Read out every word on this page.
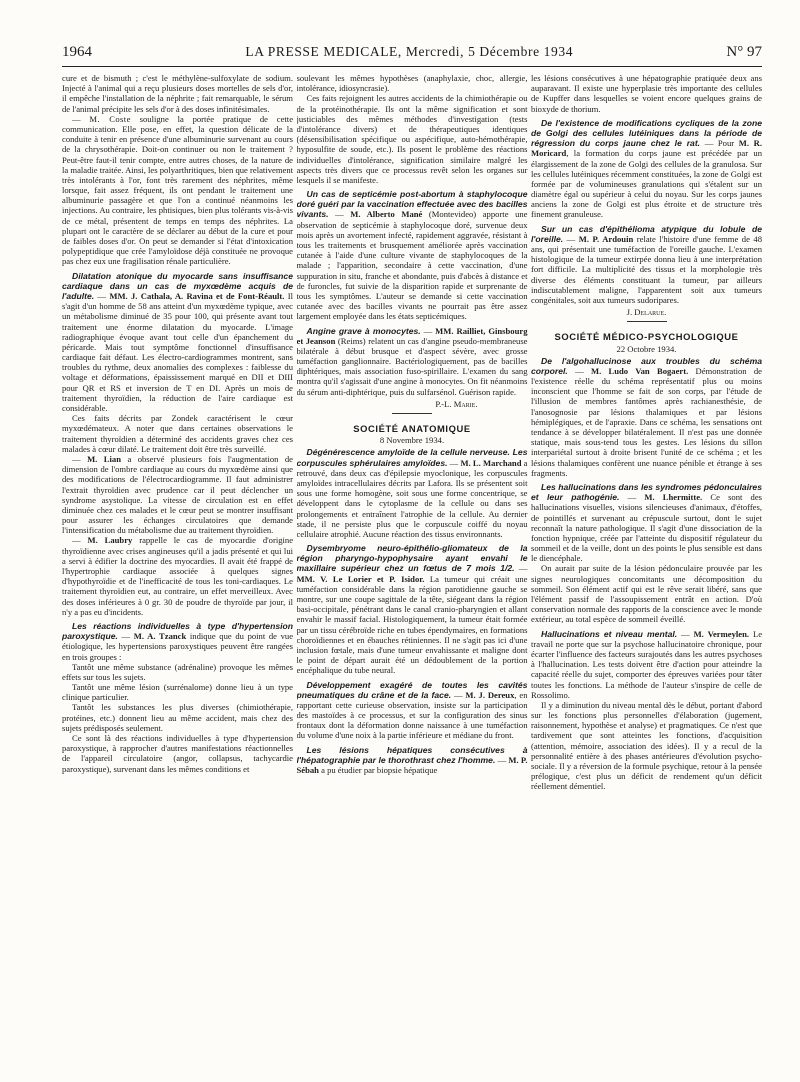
1964	LA PRESSE MEDICALE, Mercredi, 5 Décembre 1934	N° 97

cure et de bismuth ; c'est le méthylène-sulfoxylate de sodium. Injecté à l'animal qui a reçu plusieurs doses mortelles de sels d'or, il empêche l'installation de la néphrite ; fait remarquable, le sérum de l'animal précipite les sels d'or à des doses infinitésimales.

— M. Coste souligne la portée pratique de cette communication. Elle pose, en effet, la question délicate de la conduite à tenir en présence d'une albuminurie survenant au cours de la chrysothérapie. Doit-on continuer ou non le traitement ? Peut-être faut-il tenir compte, entre autres choses, de la nature de la maladie traitée. Ainsi, les polyarthritiques, bien que relativement très intolérants à l'or, font très rarement des néphrites, même lorsque, fait assez fréquent, ils ont pendant le traitement une albuminurie passagère et que l'on a continué néanmoins les injections. Au contraire, les phtisiques, bien plus tolérants vis-à-vis de ce métal, présentent de temps en temps des néphrites. La plupart ont le caractère de se déclarer au début de la cure et pour de faibles doses d'or. On peut se demander si l'état d'intoxication polypeptidique que crée l'amyloïdose déjà constituée ne provoque pas chez eux une fragilisation rénale particulière.

Dilatation atonique du myocarde sans insuffisance cardiaque dans un cas de myxœdème acquis de l'adulte. — MM. J. Cathala, A. Ravina et de Font-Réault. Il s'agit d'un homme de 58 ans atteint d'un myxœdème typique, avec un métabolisme diminué de 35 pour 100, qui présente avant tout traitement une énorme dilatation du myocarde. L'image radiographique évoque avant tout celle d'un épanchement du péricarde. Mais tout symptôme fonctionnel d'insuffisance cardiaque fait défaut. Les électro-cardiogrammes montrent, sans troubles du rythme, deux anomalies des complexes : faiblesse du voltage et déformations, épaississement marqué en DII et DIII pour QR et RS et inversion de T en DI. Après un mois de traitement thyroïdien, la réduction de l'aire cardiaque est considérable.

Ces faits décrits par Zondek caractérisent le cœur myxœdémateux. A noter que dans certaines observations le traitement thyroïdien a déterminé des accidents graves chez ces malades à cœur dilaté. Le traitement doit être très surveillé.

— M. Lian a observé plusieurs fois l'augmentation de dimension de l'ombre cardiaque au cours du myxœdème ainsi que des modifications de l'électrocardiogramme. Il faut administrer l'extrait thyroïdien avec prudence car il peut déclencher un syndrome asystolique. La vitesse de circulation est en effet diminuée chez ces malades et le cœur peut se montrer insuffisant pour assurer les échanges circulatoires que demande l'intensification du métabolisme due au traitement thyroïdien.

— M. Laubry rappelle le cas de myocardie d'origine thyroïdienne avec crises angineuses qu'il a jadis présenté et qui lui a servi à édifier la doctrine des myocardies. Il avait été frappé de l'hypertrophie cardiaque associée à quelques signes d'hypothyroïdie et de l'inefficacité de tous les toni-cardiaques. Le traitement thyroïdien eut, au contraire, un effet merveilleux. Avec des doses inférieures à 0 gr. 30 de poudre de thyroïde par jour, il n'y a pas eu d'incidents.

Les réactions individuelles à type d'hypertension paroxystique. — M. A. Tzanck indique que du point de vue étiologique, les hypertensions paroxystiques peuvent être rangées en trois groupes :

Tantôt une même substance (adrénaline) provoque les mêmes effets sur tous les sujets.

Tantôt une même lésion (surrénalome) donne lieu à un type clinique particulier.

Tantôt les substances les plus diverses (chimiothérapie, protéines, etc.) donnent lieu au même accident, mais chez des sujets prédisposés seulement.

Ce sont là des réactions individuelles à type d'hypertension paroxystique, à rapprocher d'autres manifestations réactionnelles de l'appareil circulatoire (angor, collapsus, tachycardie paroxystique), survenant dans les mêmes conditions et

soulevant les mêmes hypothèses (anaphylaxie, choc, allergie, intolérance, idiosyncrasie).

Ces faits rejoignent les autres accidents de la chimiothérapie ou de la protéinothérapie. Ils ont la même signification et sont justiciables des mêmes méthodes d'investigation (tests d'intolérance divers) et de thérapeutiques identiques (désensibilisation spécifique ou aspécifique, auto-hémothérapie, hyposulfite de soude, etc.). Ils posent le problème des réactions individuelles d'intolérance, signification similaire malgré les aspects très divers que ce processus revêt selon les organes sur lesquels il se manifeste.

Un cas de septicémie post-abortum à staphylocoque doré guéri par la vaccination effectuée avec des bacilles vivants. — M. Alberto Mané (Montevideo) apporte une observation de septicémie à staphylocoque doré, survenue deux mois après un avortement infecté, rapidement aggravée, résistant à tous les traitements et brusquement améliorée après vaccination cutanée à l'aide d'une culture vivante de staphylocoques de la malade ; l'apparition, secondaire à cette vaccination, d'une suppuration in situ, franche et abondante, puis d'abcès à distance et de furoncles, fut suivie de la disparition rapide et surprenante de tous les symptômes. L'auteur se demande si cette vaccination cutanée avec des bacilles vivants ne pourrait pas être assez largement employée dans les états septicémiques.

Angine grave à monocytes. — MM. Railliet, Ginsbourg et Jeanson (Reims) relatent un cas d'angine pseudo-membraneuse bilatérale à début brusque et d'aspect sévère, avec grosse tuméfaction ganglionnaire. Bactériologiquement, pas de bacilles diphtériques, mais association fuso-spirillaire. L'examen du sang montra qu'il s'agissait d'une angine à monocytes. On fit néanmoins du sérum anti-diphtérique, puis du sulfarsénol. Guérison rapide.

P.-L. Marie.
SOCIÉTÉ ANATOMIQUE
8 Novembre 1934.

Dégénérescence amyloïde de la cellule nerveuse. Les corpuscules sphérulaires amyloïdes. — M. L. Marchand a retrouvé, dans deux cas d'épilepsie myoclonique, les corpuscules amyloïdes intracellulaires décrits par Lafora. Ils se présentent soit sous une forme homogène, soit sous une forme concentrique, se développent dans le cytoplasme de la cellule ou dans ses prolongements et entraînent l'atrophie de la cellule. Au dernier stade, il ne persiste plus que le corpuscule coiffé du noyau cellulaire atrophié. Aucune réaction des tissus environnants.

Dysembryome neuro-épithélio-gliomateux de la région pharyngo-hypophysaire ayant envahi le maxillaire supérieur chez un fœtus de 7 mois 1/2. — MM. V. Le Lorier et P. Isidor. La tumeur qui créait une tuméfaction considérable dans la région parotidienne gauche se montre, sur une coupe sagittale de la tête, siégeant dans la région basi-occipitale, pénétrant dans le canal cranio-pharyngien et allant envahir le massif facial. Histologiquement, la tumeur était formée par un tissu cérébroïde riche en tubes épendymaires, en formations choroïdiennes et en ébauches rétiniennes. Il ne s'agit pas ici d'une inclusion fœtale, mais d'une tumeur envahissante et maligne dont le point de départ aurait été un dédoublement de la portion encéphalique du tube neural.

Développement exagéré de toutes les cavités pneumatiques du crâne et de la face. — M. J. Dereux, en rapportant cette curieuse observation, insiste sur la participation des mastoïdes à ce processus, et sur la configuration des sinus frontaux dont la déformation donne naissance à une tuméfaction du volume d'une noix à la partie inférieure et médiane du front.

Les lésions hépatiques consécutives à l'hépatographie par le thorothrast chez l'homme. — M. P. Sébah a pu étudier par biopsie hépatique

les lésions consécutives à une hépatographie pratiquée deux ans auparavant. Il existe une hyperplasie très importante des cellules de Kupffer dans lesquelles se voient encore quelques grains de bioxyde de thorium.

De l'existence de modifications cycliques de la zone de Golgi des cellules lutéiniques dans la période de régression du corps jaune chez le rat. — Pour M. R. Moricard, la formation du corps jaune est précédée par un élargissement de la zone de Golgi des cellules de la granulosa. Sur les cellules lutéiniques récemment constituées, la zone de Golgi est formée par de volumineuses granulations qui s'étalent sur un diamètre égal ou supérieur à celui du noyau. Sur les corps jaunes anciens la zone de Golgi est plus étroite et de structure très finement granuleuse.

Sur un cas d'épithélioma atypique du lobule de l'oreille. — M. P. Ardouin relate l'histoire d'une femme de 48 ans, qui présentait une tuméfaction de l'oreille gauche. L'examen histologique de la tumeur extirpée donna lieu à une interprétation fort difficile. La multiplicité des tissus et la morphologie très diverse des éléments constituant la tumeur, par ailleurs indiscutablement maligne, l'apparentent soit aux tumeurs congénitales, soit aux tumeurs sudoripares.

J. Delarue.
SOCIÉTÉ MÉDICO-PSYCHOLOGIQUE
22 Octobre 1934.

De l'algohallucinose aux troubles du schéma corporel. — M. Ludo Van Bogaert. Démonstration de l'existence réelle du schéma représentatif plus ou moins inconscient que l'homme se fait de son corps, par l'étude de l'illusion de membres fantômes après rachianesthésie, de l'anosognosie par lésions thalamiques et par lésions hémiplégiques, et de l'apraxie. Dans ce schéma, les sensations ont tendance à se développer bilatéralement. Il n'est pas une donnée statique, mais sous-tend tous les gestes. Les lésions du sillon interpariétal surtout à droite brisent l'unité de ce schéma ; et les lésions thalamiques confèrent une nuance pénible et étrange à ses fragments.

Les hallucinations dans les syndromes pédonculaires et leur pathogénie. — M. Lhermitte. Ce sont des hallucinations visuelles, visions silencieuses d'animaux, d'étoffes, de pointillés et survenant au crépuscule surtout, dont le sujet reconnaît la nature pathologique. Il s'agit d'une dissociation de la fonction hypnique, créée par l'atteinte du dispositif régulateur du sommeil et de la veille, dont un des points le plus sensible est dans le diencéphale.

On aurait par suite de la lésion pédonculaire prouvée par les signes neurologiques concomitants une décomposition du sommeil. Son élément actif qui est le rêve serait libéré, sans que l'élément passif de l'assoupissement entrât en action. D'où conservation normale des rapports de la conscience avec le monde extérieur, au total espèce de sommeil éveillé.

Hallucinations et niveau mental. — M. Vermeylen. Le travail ne porte que sur la psychose hallucinatoire chronique, pour écarter l'influence des facteurs surajoutés dans les autres psychoses à l'hallucination. Les tests doivent être d'action pour atteindre la capacité réelle du sujet, comporter des épreuves variées pour tâter toutes les fonctions. La méthode de l'auteur s'inspire de celle de Rossolimo.

Il y a diminution du niveau mental dès le début, portant d'abord sur les fonctions plus personnelles d'élaboration (jugement, raisonnement, hypothèse et analyse) et pragmatiques. Ce n'est que tardivement que sont atteintes les fonctions, d'acquisition (attention, mémoire, association des idées). Il y a recul de la personnalité entière à des phases antérieures d'évolution psycho-sociale. Il y a réversion de la formule psychique, retour à la pensée prélogique, c'est plus un déficit de rendement qu'un déficit réellement démentiel.
